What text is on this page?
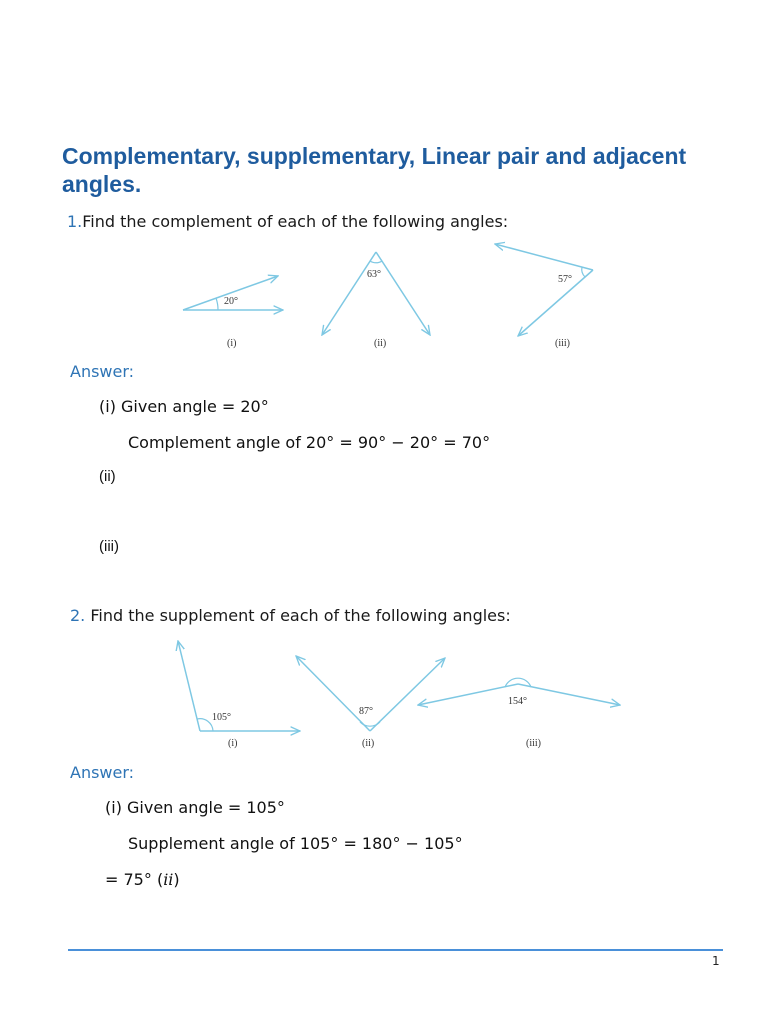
Complementary, supplementary, Linear pair and adjacent angles.
1.Find the complement of each of the following angles:
20°
(i)
63°
(ii)
57°
(iii)
Answer:
(i) Given angle = 20°
Complement angle of 20° = 90° − 20° = 70°
(ii)
(iii)
2. Find the supplement of each of the following angles:
105°
(i)
87°
(ii)
154°
(iii)
Answer:
(i) Given angle = 105°
Supplement angle of 105° = 180° − 105°
= 75° (ii)
1
